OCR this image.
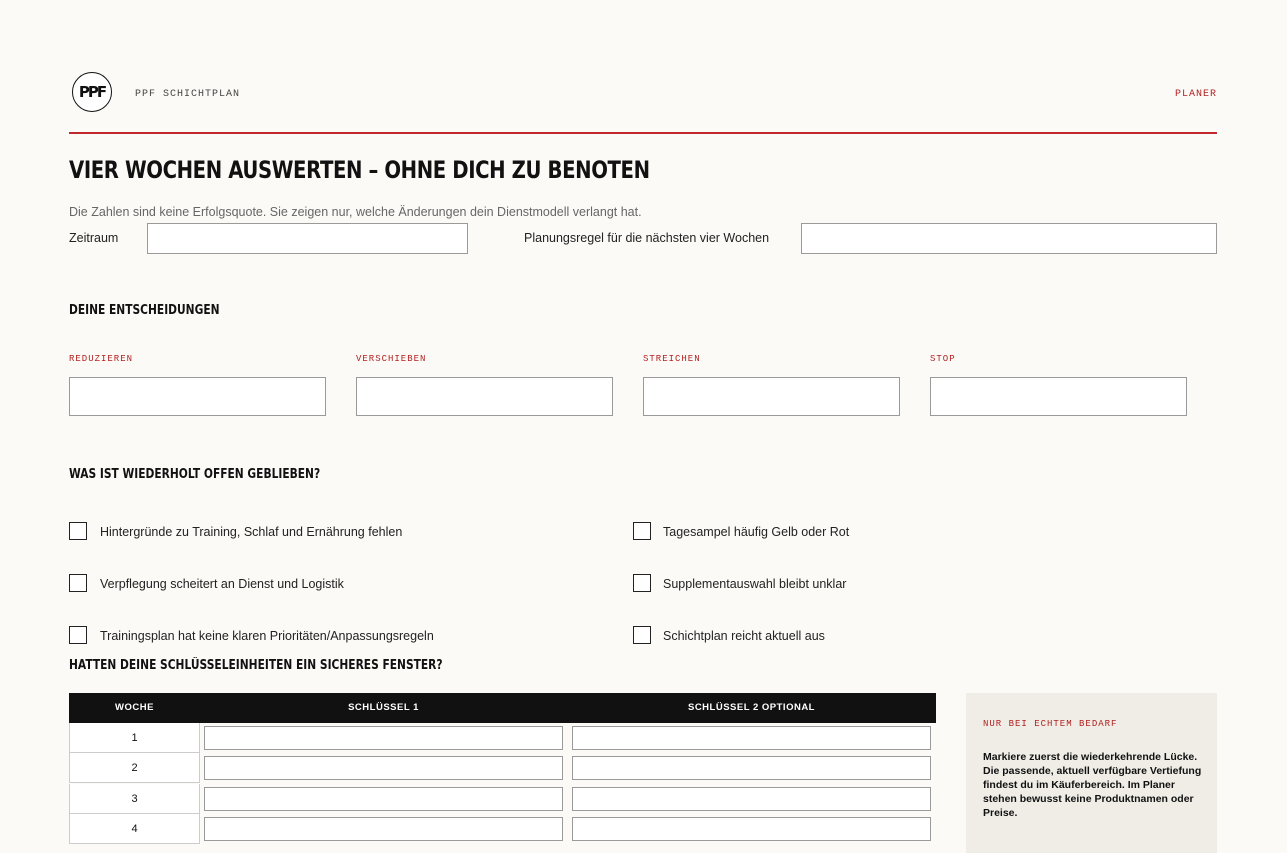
PPF	PPF SCHICHTPLAN	PLANER
VIER WOCHEN AUSWERTEN – OHNE DICH ZU BENOTEN
Die Zahlen sind keine Erfolgsquote. Sie zeigen nur, welche Änderungen dein Dienstmodell verlangt hat.
Zeitraum	Planungsregel für die nächsten vier Wochen
DEINE ENTSCHEIDUNGEN
REDUZIEREN	VERSCHIEBEN	STREICHEN	STOP
WAS IST WIEDERHOLT OFFEN GEBLIEBEN?
Hintergründe zu Training, Schlaf und Ernährung fehlen	Tagesampel häufig Gelb oder Rot
Verpflegung scheitert an Dienst und Logistik	Supplementauswahl bleibt unklar
Trainingsplan hat keine klaren Prioritäten/Anpassungsregeln	Schichtplan reicht aktuell aus
HATTEN DEINE SCHLÜSSELEINHEITEN EIN SICHERES FENSTER?
WOCHE	SCHLÜSSEL 1	SCHLÜSSEL 2 OPTIONAL
1
2
3
4
NUR BEI ECHTEM BEDARF
Markiere zuerst die wiederkehrende Lücke. Die passende, aktuell verfügbare Vertiefung findest du im Käuferbereich. Im Planer stehen bewusst keine Produktnamen oder Preise.
